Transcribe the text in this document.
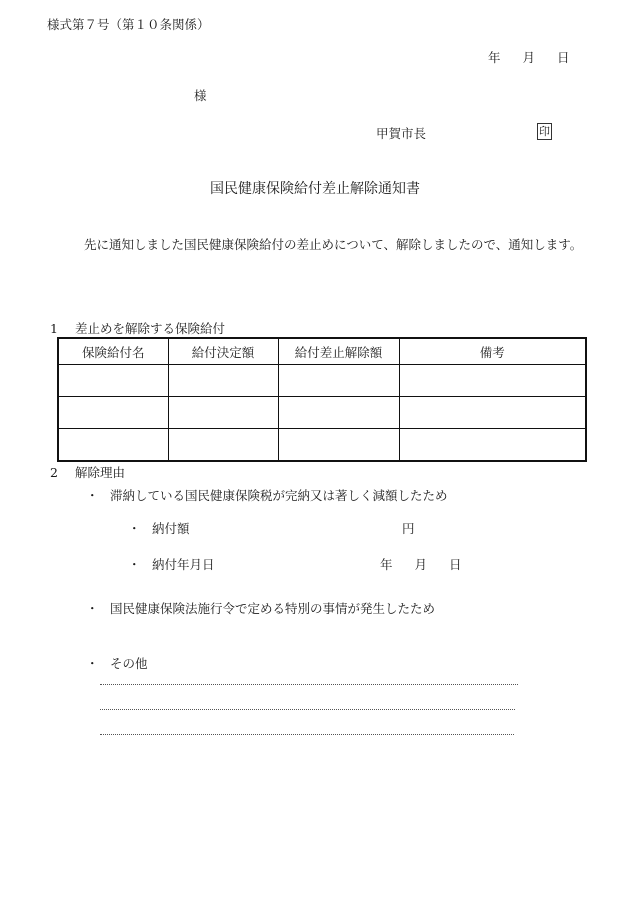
様式第７号（第１０条関係）
年 月 日
様
甲賀市長	印
国民健康保険給付差止解除通知書
先に通知しました国民健康保険給付の差止めについて、解除しましたので、通知します。
1 差止めを解除する保険給付
保険給付名	給付決定額	給付差止解除額	備考

2 解除理由
・ 滞納している国民健康保険税が完納又は著しく減額したため
・ 納付額	円
・ 納付年月日	年 月 日
・ 国民健康保険法施行令で定める特別の事情が発生したため
・ その他
